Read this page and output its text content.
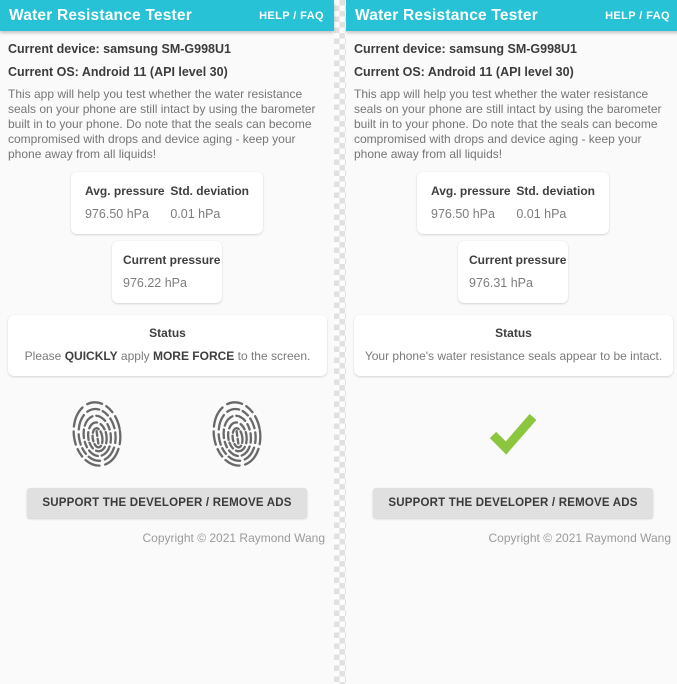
Water Resistance Tester	HELP / FAQ
Current device: samsung SM-G998U1
Current OS: Android 11 (API level 30)
This app will help you test whether the water resistance seals on your phone are still intact by using the barometer built in to your phone. Do note that the seals can become compromised with drops and device aging - keep your phone away from all liquids!
Avg. pressure
976.50 hPa
Std. deviation
0.01 hPa
Current pressure
976.22 hPa
Status
Please QUICKLY apply MORE FORCE to the screen.
SUPPORT THE DEVELOPER / REMOVE ADS
Copyright © 2021 Raymond Wang
Water Resistance Tester	HELP / FAQ
Current device: samsung SM-G998U1
Current OS: Android 11 (API level 30)
This app will help you test whether the water resistance seals on your phone are still intact by using the barometer built in to your phone. Do note that the seals can become compromised with drops and device aging - keep your phone away from all liquids!
Avg. pressure
976.50 hPa
Std. deviation
0.01 hPa
Current pressure
976.31 hPa
Status
Your phone's water resistance seals appear to be intact.
SUPPORT THE DEVELOPER / REMOVE ADS
Copyright © 2021 Raymond Wang
